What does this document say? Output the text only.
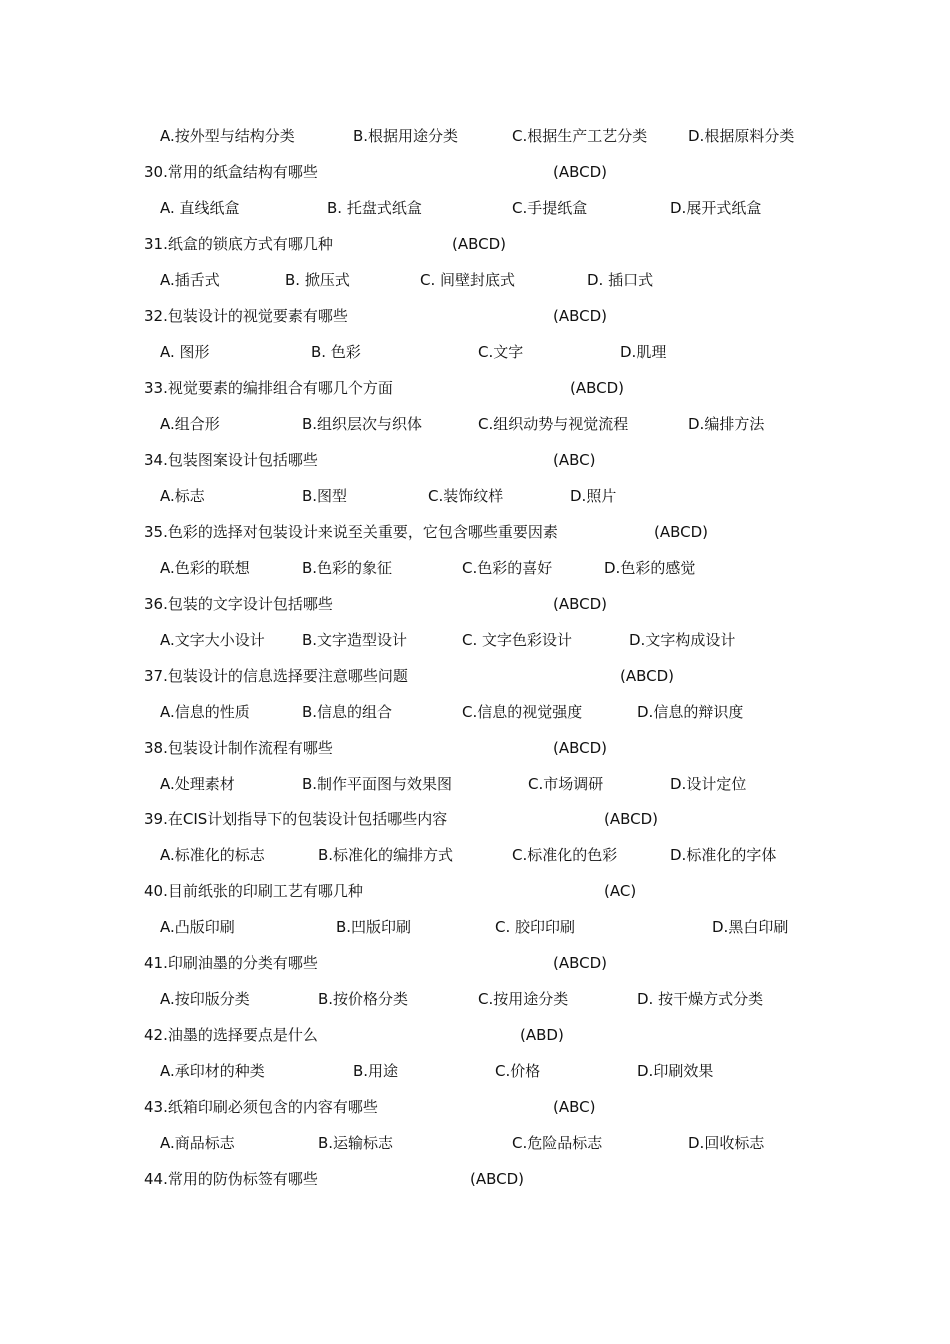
A.按外型与结构分类	B.根据用途分类	C.根据生产工艺分类	D.根据原料分类
30.常用的纸盒结构有哪些	(ABCD)
A. 直线纸盒	B. 托盘式纸盒	C.手提纸盒	D.展开式纸盒
31.纸盒的锁底方式有哪几种	(ABCD)
A.插舌式	B. 掀压式	C. 间壁封底式	D. 插口式
32.包装设计的视觉要素有哪些	(ABCD)
A. 图形	B. 色彩	C.文字	D.肌理
33.视觉要素的编排组合有哪几个方面	(ABCD)
A.组合形	B.组织层次与织体	C.组织动势与视觉流程	D.编排方法
34.包装图案设计包括哪些	(ABC)
A.标志	B.图型	C.装饰纹样	D.照片
35.色彩的选择对包装设计来说至关重要，它包含哪些重要因素	(ABCD)
A.色彩的联想	B.色彩的象征	C.色彩的喜好	D.色彩的感觉
36.包装的文字设计包括哪些	(ABCD)
A.文字大小设计 B.文字造型设计	C. 文字色彩设计	D.文字构成设计
37.包装设计的信息选择要注意哪些问题	(ABCD)
A.信息的性质	B.信息的组合	C.信息的视觉强度	D.信息的辩识度
38.包装设计制作流程有哪些	(ABCD)
A.处理素材	B.制作平面图与效果图	C.市场调研	D.设计定位
39.在CIS计划指导下的包装设计包括哪些内容	(ABCD)
A.标准化的标志	B.标准化的编排方式	C.标准化的色彩	D.标准化的字体
40.目前纸张的印刷工艺有哪几种	(AC)
A.凸版印刷	B.凹版印刷	C. 胶印印刷	D.黑白印刷
41.印刷油墨的分类有哪些	(ABCD)
A.按印版分类	B.按价格分类	C.按用途分类	D. 按干燥方式分类
42.油墨的选择要点是什么	(ABD)
A.承印材的种类	B.用途	C.价格	D.印刷效果
43.纸箱印刷必须包含的内容有哪些	(ABC)
A.商品标志	B.运输标志	C.危险品标志	D.回收标志
44.常用的防伪标签有哪些	(ABCD)
